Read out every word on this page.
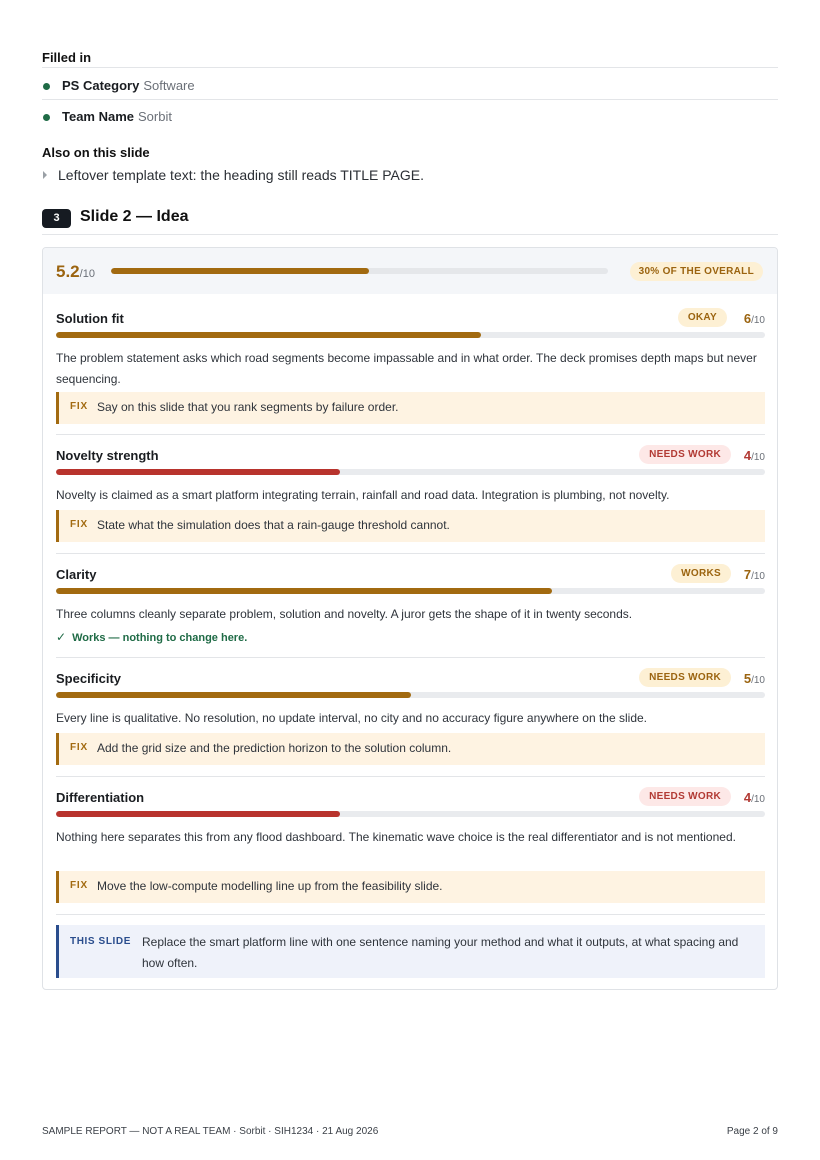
Filled in
PS Category Software
Team Name Sorbit
Also on this slide
Leftover template text: the heading still reads TITLE PAGE.
3	Slide 2 — Idea
5.2/10	30% OF THE OVERALL
Solution fit	OKAY	6/10
The problem statement asks which road segments become impassable and in what order. The deck promises depth maps but never sequencing.
FIX Say on this slide that you rank segments by failure order.
Novelty strength	NEEDS WORK	4/10
Novelty is claimed as a smart platform integrating terrain, rainfall and road data. Integration is plumbing, not novelty.
FIX State what the simulation does that a rain-gauge threshold cannot.
Clarity	WORKS	7/10
Three columns cleanly separate problem, solution and novelty. A juror gets the shape of it in twenty seconds.
✓ Works — nothing to change here.
Specificity	NEEDS WORK	5/10
Every line is qualitative. No resolution, no update interval, no city and no accuracy figure anywhere on the slide.
FIX Add the grid size and the prediction horizon to the solution column.
Differentiation	NEEDS WORK	4/10
Nothing here separates this from any flood dashboard. The kinematic wave choice is the real differentiator and is not mentioned.
FIX Move the low-compute modelling line up from the feasibility slide.
THIS SLIDE Replace the smart platform line with one sentence naming your method and what it outputs, at what spacing and how often.
SAMPLE REPORT — NOT A REAL TEAM · Sorbit · SIH1234 · 21 Aug 2026	Page 2 of 9
